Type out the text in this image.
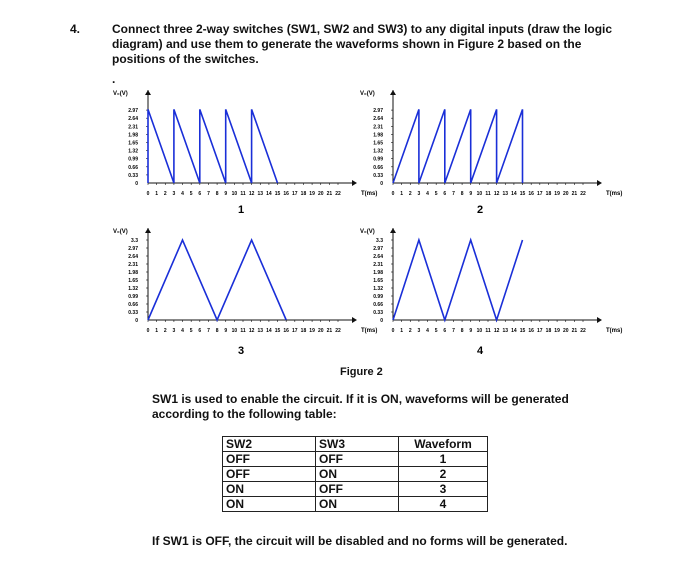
4.	Connect three 2-way switches (SW1, SW2 and SW3) to any digital inputs (draw the logic diagram) and use them to generate the waveforms shown in Figure 2 based on the positions of the switches.
.
V₀(V)
T(ms)
2.97
2.64
2.31
1.98
1.65
1.32
0.99
0.66
0.33
0
0 1 2 3 4 5 6 7 8 9 10 11 12 13 14 15 16 17 18 19 20 21 22
1
V₀(V)
T(ms)
2.97
2.64
2.31
1.98
1.65
1.32
0.99
0.66
0.33
0
0 1 2 3 4 5 6 7 8 9 10 11 12 13 14 15 16 17 18 19 20 21 22
2
V₀(V)
T(ms)
3.3
2.97
2.64
2.31
1.98
1.65
1.32
0.99
0.66
0.33
0
0 1 2 3 4 5 6 7 8 9 10 11 12 13 14 15 16 17 18 19 20 21 22
3
V₀(V)
T(ms)
3.3
2.97
2.64
2.31
1.98
1.65
1.32
0.99
0.66
0.33
0
0 1 2 3 4 5 6 7 8 9 10 11 12 13 14 15 16 17 18 19 20 21 22
4
Figure 2
SW1 is used to enable the circuit. If it is ON, waveforms will be generated according to the following table:
SW2	SW3	Waveform
OFF	OFF	1
OFF	ON	2
ON	OFF	3
ON	ON	4
If SW1 is OFF, the circuit will be disabled and no forms will be generated.
